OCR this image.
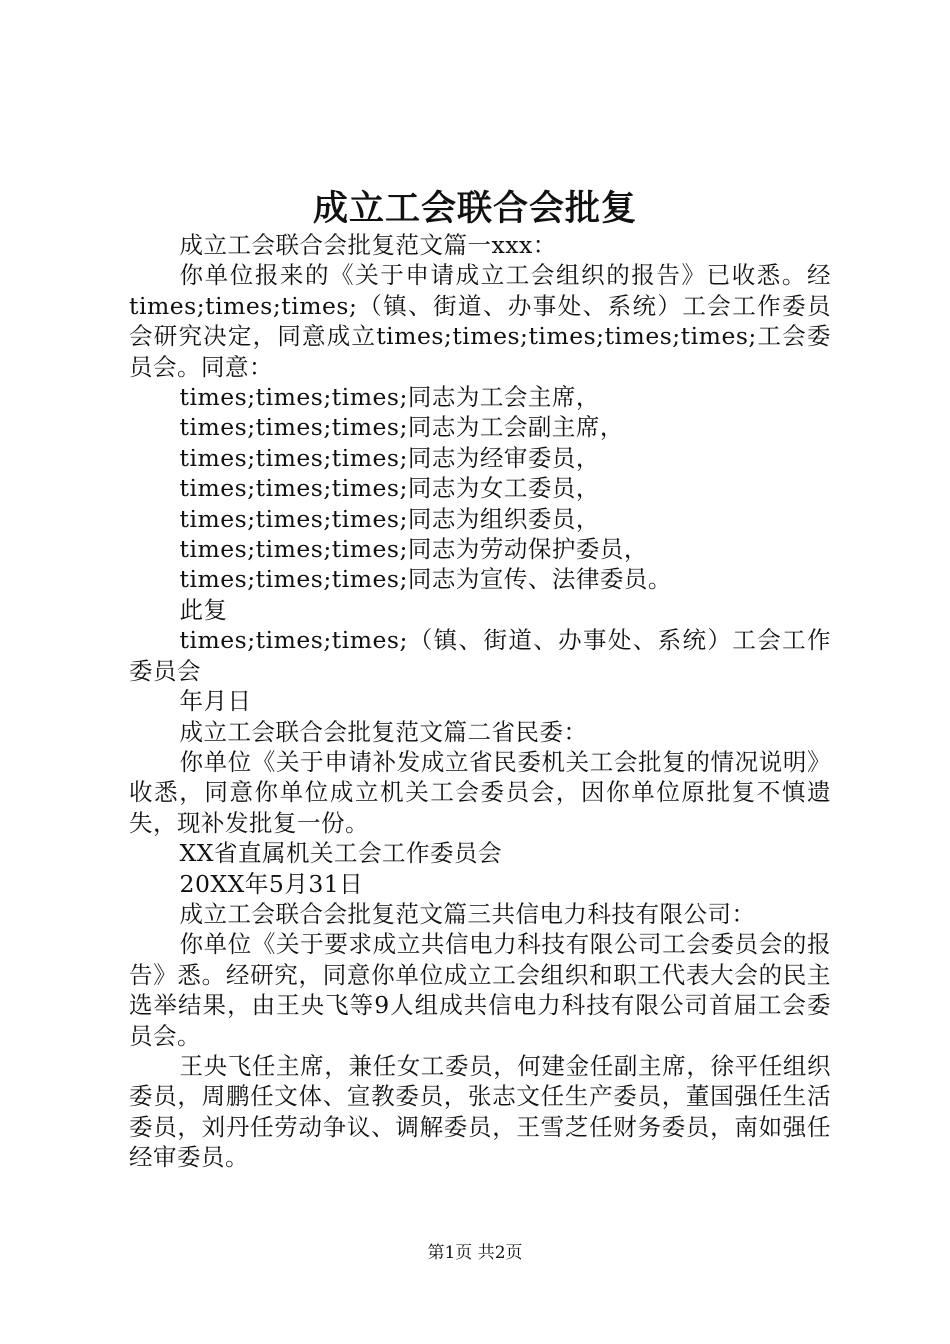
成立工会联合会批复

成立工会联合会批复范文篇一xxx：

你单位报来的《关于申请成立工会组织的报告》已收悉。经times;times;times;（镇、街道、办事处、系统）工会工作委员会研究决定，同意成立times;times;times;times;times;工会委员会。同意：

times;times;times;同志为工会主席，

times;times;times;同志为工会副主席，

times;times;times;同志为经审委员，

times;times;times;同志为女工委员，

times;times;times;同志为组织委员，

times;times;times;同志为劳动保护委员，

times;times;times;同志为宣传、法律委员。

此复

times;times;times;（镇、街道、办事处、系统）工会工作委员会

年月日

成立工会联合会批复范文篇二省民委：

你单位《关于申请补发成立省民委机关工会批复的情况说明》收悉，同意你单位成立机关工会委员会，因你单位原批复不慎遗失，现补发批复一份。

XX省直属机关工会工作委员会

20XX年5月31日

成立工会联合会批复范文篇三共信电力科技有限公司：

你单位《关于要求成立共信电力科技有限公司工会委员会的报告》悉。经研究，同意你单位成立工会组织和职工代表大会的民主选举结果，由王央飞等9人组成共信电力科技有限公司首届工会委员会。

王央飞任主席，兼任女工委员，何建金任副主席，徐平任组织委员，周鹏任文体、宣教委员，张志文任生产委员，董国强任生活委员，刘丹任劳动争议、调解委员，王雪芝任财务委员，南如强任经审委员。

第1页 共2页
